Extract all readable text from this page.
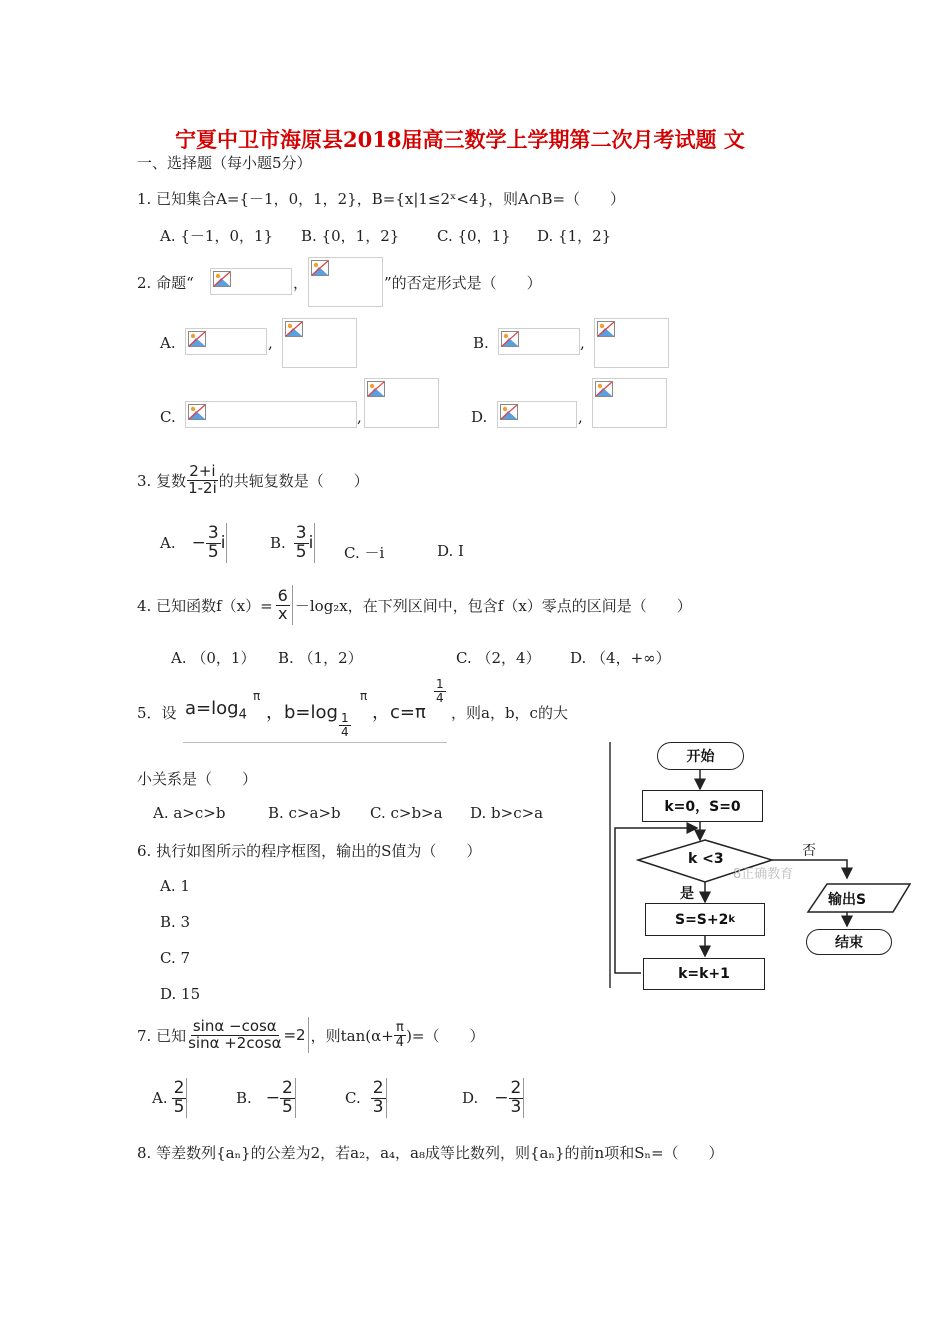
宁夏中卫市海原县2018届高三数学上学期第二次月考试题 文
一、选择题（每小题5分）
1. 已知集合A={－1，0，1，2}，B={x|1≤2ˣ<4}，则A∩B=（　　）
A. {－1，0，1} B. {0，1，2}	C. {0，1} D. {1，2}
2. 命题“	，	”的否定形式是（　　）
A.	,	B.	,
C.	,	D.	,
3. 复数 $\frac{2+i}{1-2i}$ 的共轭复数是（　　）
A. − $\frac{3}{5}$ i	B. $\frac{3}{5}$ i C. －i	D. I
4. 已知函数$f(x)= \frac{6}{x} -\log_2x$，在下列区间中，包含f（x）零点的区间是（　　）
A. （0，1） B. （1，2）	C. （2，4） D. （4，+∞）
5．设 $a=\log_4$
π
，$b=\log \frac{1}{4}$
π
，c=π
$\frac{1}{4}$
，则a，b，c的大
小关系是（　　）
A. a>c>b	B. c>a>b C. c>b>a D. b>c>a
6. 执行如图所示的程序框图，输出的S值为（　　）
A. 1
B. 3
C. 7
D. 15
开始
k=0，S=0
k <3
8正确教育
否
是	输出S
S=S+2 k
结束
k=k+1
7. 已知 $\frac{\sin\alpha -\cos\alpha}{\sin\alpha +2\cos\alpha} =2$ ，则$\tan(\alpha+ \frac{\pi}{4}$ )=（　　）
A. $\frac{2}{5}$	B. − $\frac{2}{5}$	C. $\frac{2}{3}$	D. − $\frac{2}{3}$
8. 等差数列{aₙ}的公差为2，若a₂，a₄，a₈成等比数列，则{aₙ}的前n项和Sₙ=（　　）
